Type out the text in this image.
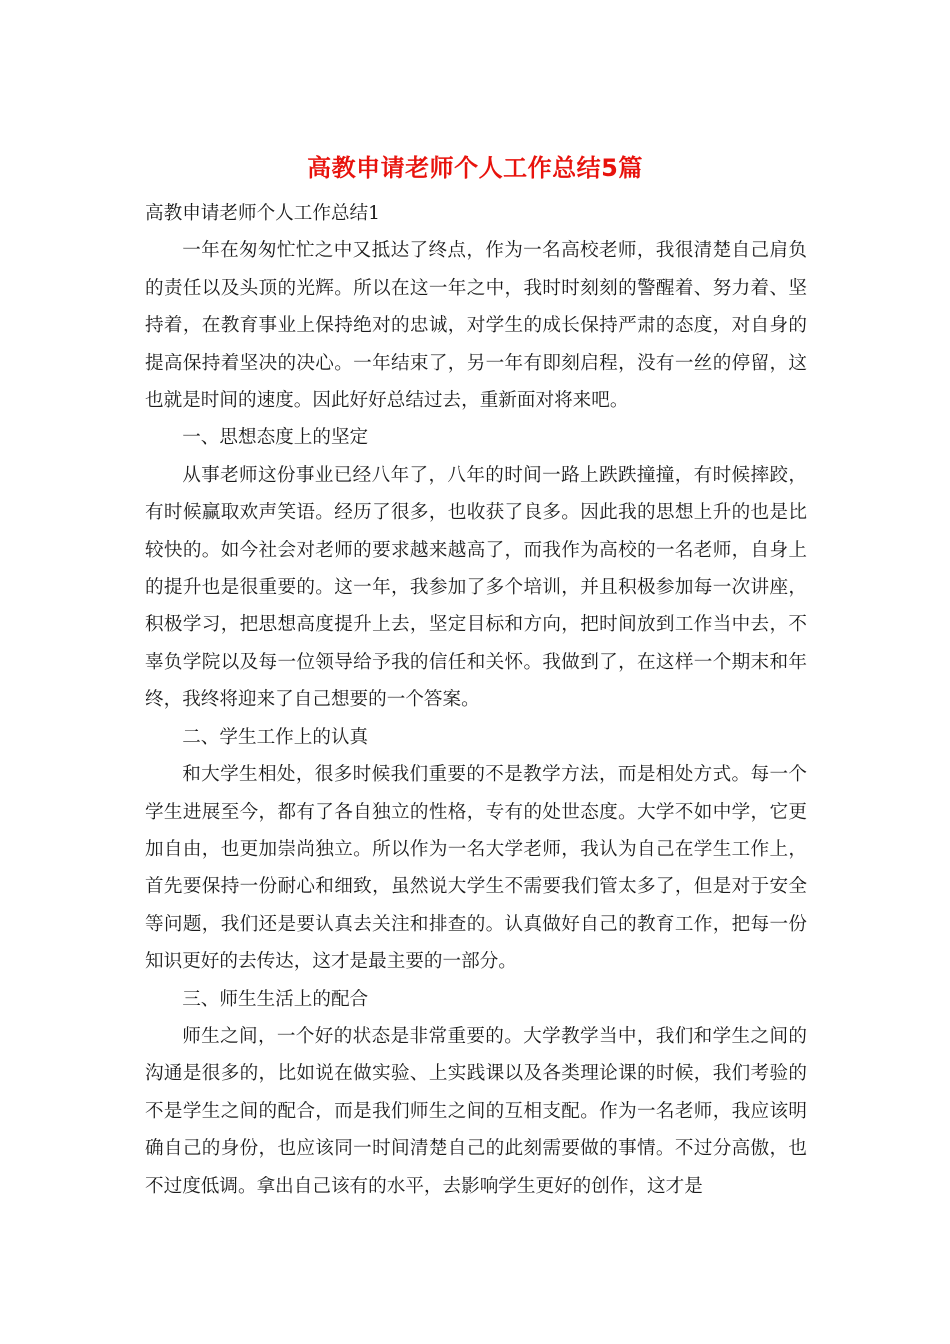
高教申请老师个人工作总结5篇

高教申请老师个人工作总结1

一年在匆匆忙忙之中又抵达了终点，作为一名高校老师，我很清楚自己肩负的责任以及头顶的光辉。所以在这一年之中，我时时刻刻的警醒着、努力着、坚持着，在教育事业上保持绝对的忠诚，对学生的成长保持严肃的态度，对自身的提高保持着坚决的决心。一年结束了，另一年有即刻启程，没有一丝的停留，这也就是时间的速度。因此好好总结过去，重新面对将来吧。

一、思想态度上的坚定

从事老师这份事业已经八年了，八年的时间一路上跌跌撞撞，有时候摔跤，有时候赢取欢声笑语。经历了很多，也收获了良多。因此我的思想上升的也是比较快的。如今社会对老师的要求越来越高了，而我作为高校的一名老师，自身上的提升也是很重要的。这一年，我参加了多个培训，并且积极参加每一次讲座，积极学习，把思想高度提升上去，坚定目标和方向，把时间放到工作当中去，不辜负学院以及每一位领导给予我的信任和关怀。我做到了，在这样一个期末和年终，我终将迎来了自己想要的一个答案。

二、学生工作上的认真

和大学生相处，很多时候我们重要的不是教学方法，而是相处方式。每一个学生进展至今，都有了各自独立的性格，专有的处世态度。大学不如中学，它更加自由，也更加崇尚独立。所以作为一名大学老师，我认为自己在学生工作上，首先要保持一份耐心和细致，虽然说大学生不需要我们管太多了，但是对于安全等问题，我们还是要认真去关注和排查的。认真做好自己的教育工作，把每一份知识更好的去传达，这才是最主要的一部分。

三、师生生活上的配合

师生之间，一个好的状态是非常重要的。大学教学当中，我们和学生之间的沟通是很多的，比如说在做实验、上实践课以及各类理论课的时候，我们考验的不是学生之间的配合，而是我们师生之间的互相支配。作为一名老师，我应该明确自己的身份，也应该同一时间清楚自己的此刻需要做的事情。不过分高傲，也不过度低调。拿出自己该有的水平，去影响学生更好的创作，这才是
